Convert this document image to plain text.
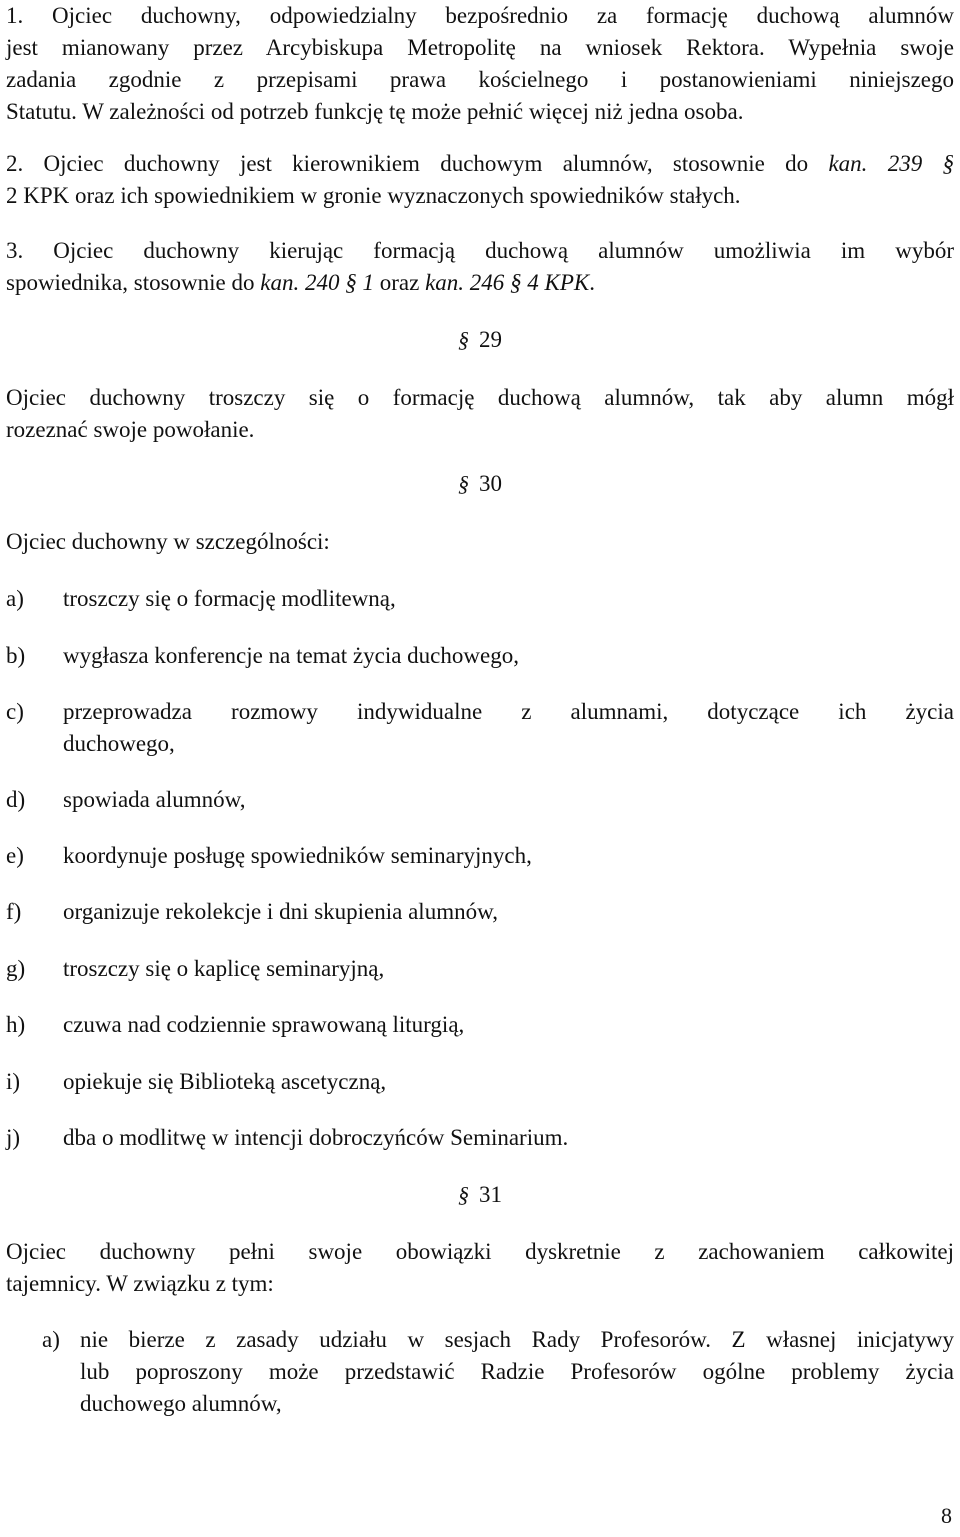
1. Ojciec duchowny, odpowiedzialny bezpośrednio za formację duchową alumnów
jest mianowany przez Arcybiskupa Metropolitę na wniosek Rektora. Wypełnia swoje
zadania zgodnie z przepisami prawa kościelnego i postanowieniami niniejszego
Statutu. W zależności od potrzeb funkcję tę może pełnić więcej niż jedna osoba.
2. Ojciec duchowny jest kierownikiem duchowym alumnów, stosownie do kan. 239 §
2 KPK oraz ich spowiednikiem w gronie wyznaczonych spowiedników stałych.
3. Ojciec duchowny kierując formacją duchową alumnów umożliwia im wybór
spowiednika, stosownie do kan. 240 § 1 oraz kan. 246 § 4 KPK.
§ 29
Ojciec duchowny troszczy się o formację duchową alumnów, tak aby alumn mógł
rozeznać swoje powołanie.
§ 30
Ojciec duchowny w szczególności:
a)	troszczy się o formację modlitewną,
b)	wygłasza konferencje na temat życia duchowego,
c)	przeprowadza rozmowy indywidualne z alumnami, dotyczące ich życia
duchowego,
d)	spowiada alumnów,
e)	koordynuje posługę spowiedników seminaryjnych,
f)	organizuje rekolekcje i dni skupienia alumnów,
g)	troszczy się o kaplicę seminaryjną,
h)	czuwa nad codziennie sprawowaną liturgią,
i)	opiekuje się Biblioteką ascetyczną,
j)	dba o modlitwę w intencji dobroczyńców Seminarium.
§ 31
Ojciec duchowny pełni swoje obowiązki dyskretnie z zachowaniem całkowitej
tajemnicy. W związku z tym:
a) nie bierze z zasady udziału w sesjach Rady Profesorów. Z własnej inicjatywy
lub poproszony może przedstawić Radzie Profesorów ogólne problemy życia
duchowego alumnów,
8
